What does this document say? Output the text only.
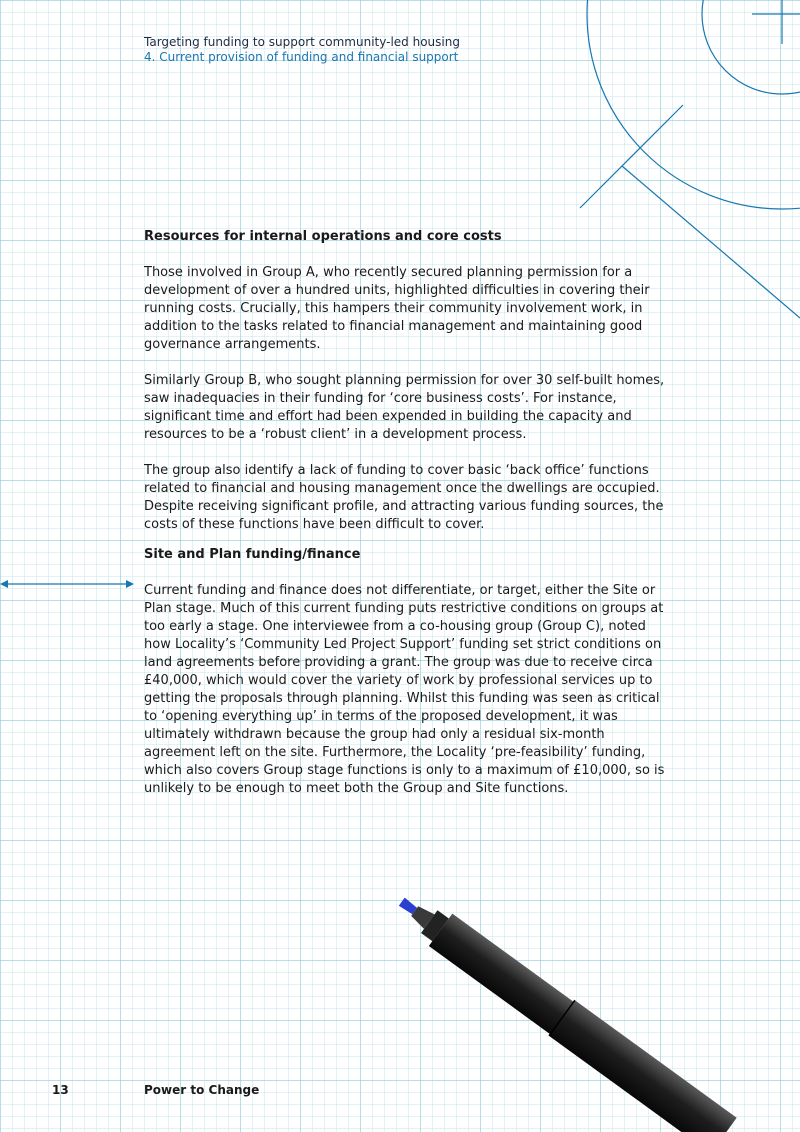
Targeting funding to support community-led housing
4. Current provision of funding and financial support
Resources for internal operations and core costs

Those involved in Group A, who recently secured planning permission for a development of over a hundred units, highlighted difficulties in covering their running costs. Crucially, this hampers their community involvement work, in addition to the tasks related to financial management and maintaining good governance arrangements.

Similarly Group B, who sought planning permission for over 30 self-built homes, saw inadequacies in their funding for ‘core business costs’. For instance, significant time and effort had been expended in building the capacity and resources to be a ‘robust client’ in a development process.

The group also identify a lack of funding to cover basic ‘back office’ functions related to financial and housing management once the dwellings are occupied. Despite receiving significant profile, and attracting various funding sources, the costs of these functions have been difficult to cover.

Site and Plan funding/finance

Current funding and finance does not differentiate, or target, either the Site or Plan stage. Much of this current funding puts restrictive conditions on groups at too early a stage. One interviewee from a co-housing group (Group C), noted how Locality’s ‘Community Led Project Support’ funding set strict conditions on land agreements before providing a grant. The group was due to receive circa £40,000, which would cover the variety of work by professional services up to getting the proposals through planning. Whilst this funding was seen as critical to ‘opening everything up’ in terms of the proposed development, it was ultimately withdrawn because the group had only a residual six-month agreement left on the site. Furthermore, the Locality ‘pre-feasibility’ funding, which also covers Group stage functions is only to a maximum of £10,000, so is unlikely to be enough to meet both the Group and Site functions.

13	Power to Change
